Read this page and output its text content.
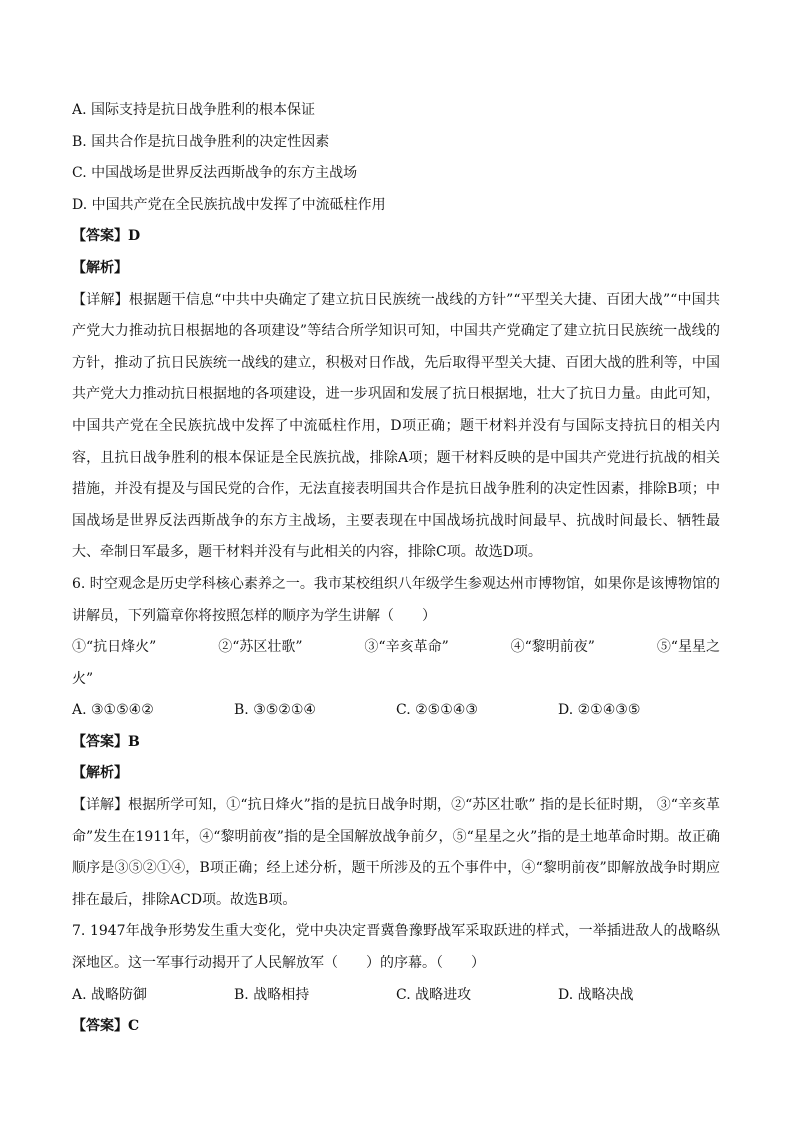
A. 国际支持是抗日战争胜利的根本保证
B. 国共合作是抗日战争胜利的决定性因素
C. 中国战场是世界反法西斯战争的东方主战场
D. 中国共产党在全民族抗战中发挥了中流砥柱作用
【答案】D
【解析】
【详解】根据题干信息“中共中央确定了建立抗日民族统一战线的方针”“平型关大捷、百团大战”“中国共产党大力推动抗日根据地的各项建设”等结合所学知识可知，中国共产党确定了建立抗日民族统一战线的方针，推动了抗日民族统一战线的建立，积极对日作战，先后取得平型关大捷、百团大战的胜利等，中国共产党大力推动抗日根据地的各项建设，进一步巩固和发展了抗日根据地，壮大了抗日力量。由此可知，中国共产党在全民族抗战中发挥了中流砥柱作用，D项正确；题干材料并没有与国际支持抗日的相关内容，且抗日战争胜利的根本保证是全民族抗战，排除A项；题干材料反映的是中国共产党进行抗战的相关措施，并没有提及与国民党的合作，无法直接表明国共合作是抗日战争胜利的决定性因素，排除B项；中国战场是世界反法西斯战争的东方主战场，主要表现在中国战场抗战时间最早、抗战时间最长、牺牲最大、牵制日军最多，题干材料并没有与此相关的内容，排除C项。故选D项。
6. 时空观念是历史学科核心素养之一。我市某校组织八年级学生参观达州市博物馆，如果你是该博物馆的讲解员，下列篇章你将按照怎样的顺序为学生讲解（　　）
①“抗日烽火”	②“苏区壮歌”	③“辛亥革命”	④“黎明前夜”	⑤“星星之
火”
A. ③①⑤④②	B. ③⑤②①④	C. ②⑤①④③	D. ②①④③⑤
【答案】B
【解析】
【详解】根据所学可知，①“抗日烽火”指的是抗日战争时期，②“苏区壮歌” 指的是长征时期， ③“辛亥革命”发生在1911年，④“黎明前夜”指的是全国解放战争前夕，⑤“星星之火”指的是土地革命时期。故正确顺序是③⑤②①④，B项正确；经上述分析，题干所涉及的五个事件中，④“黎明前夜”即解放战争时期应排在最后，排除ACD项。故选B项。
7. 1947年战争形势发生重大变化，党中央决定晋冀鲁豫野战军采取跃进的样式，一举插进敌人的战略纵深地区。这一军事行动揭开了人民解放军（　　）的序幕。（　　）
A. 战略防御	B. 战略相持	C. 战略进攻	D. 战略决战
【答案】C
